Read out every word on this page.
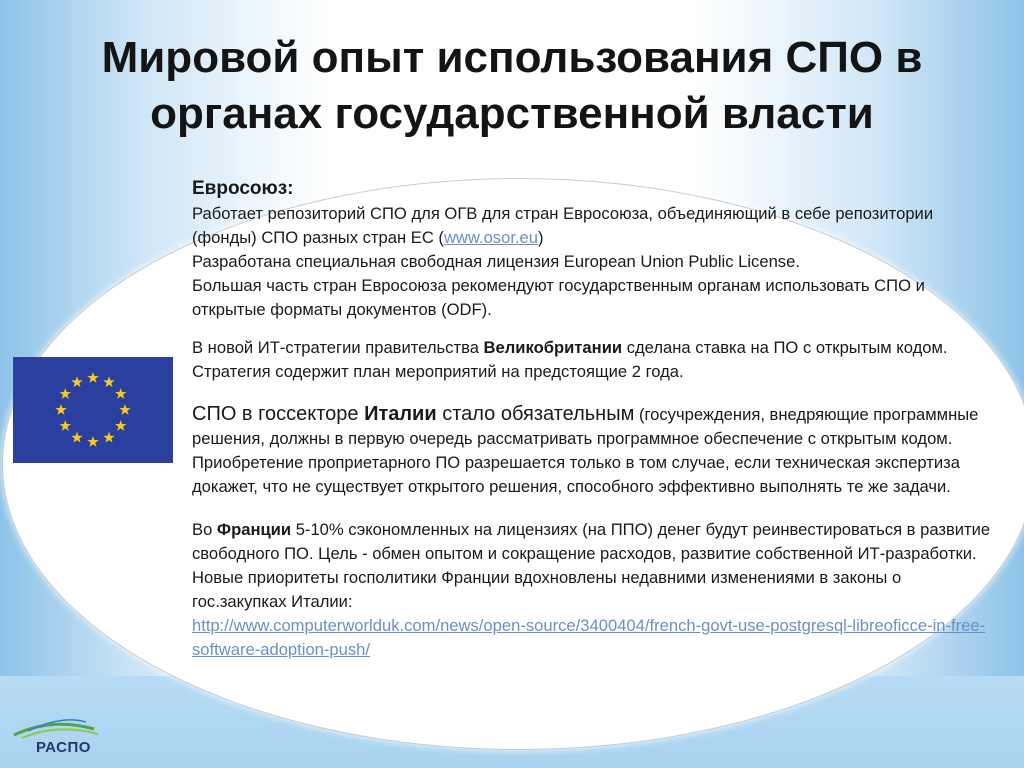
Мировой опыт использования СПО в органах государственной власти

Евросоюз:

Работает репозиторий СПО для ОГВ для стран Евросоюза, объединяющий в себе репозитории (фонды) СПО разных стран ЕС (www.osor.eu)

Разработана специальная свободная лицензия European Union Public License.

Большая часть стран Евросоюза рекомендуют государственным органам использовать СПО и открытые форматы документов (ODF).

В новой ИТ-стратегии правительства Великобритании сделана ставка на ПО с открытым кодом. Стратегия содержит план мероприятий на предстоящие 2 года.

СПО в госсекторе Италии стало обязательным (госучреждения, внедряющие программные решения, должны в первую очередь рассматривать программное обеспечение с открытым кодом. Приобретение проприетарного ПО разрешается только в том случае, если техническая экспертиза докажет, что не существует открытого решения, способного эффективно выполнять те же задачи.

Во Франции 5-10% сэкономленных на лицензиях (на ППО) денег будут реинвестироваться в развитие свободного ПО. Цель - обмен опытом и сокращение расходов, развитие собственной ИТ-разработки. Новые приоритеты госполитики Франции вдохновлены недавними изменениями в законы о гос.закупках Италии:

http://www.computerworlduk.com/news/open-source/3400404/french-govt-use-postgresql-libreoficce-in-free-software-adoption-push/

РАСПО
